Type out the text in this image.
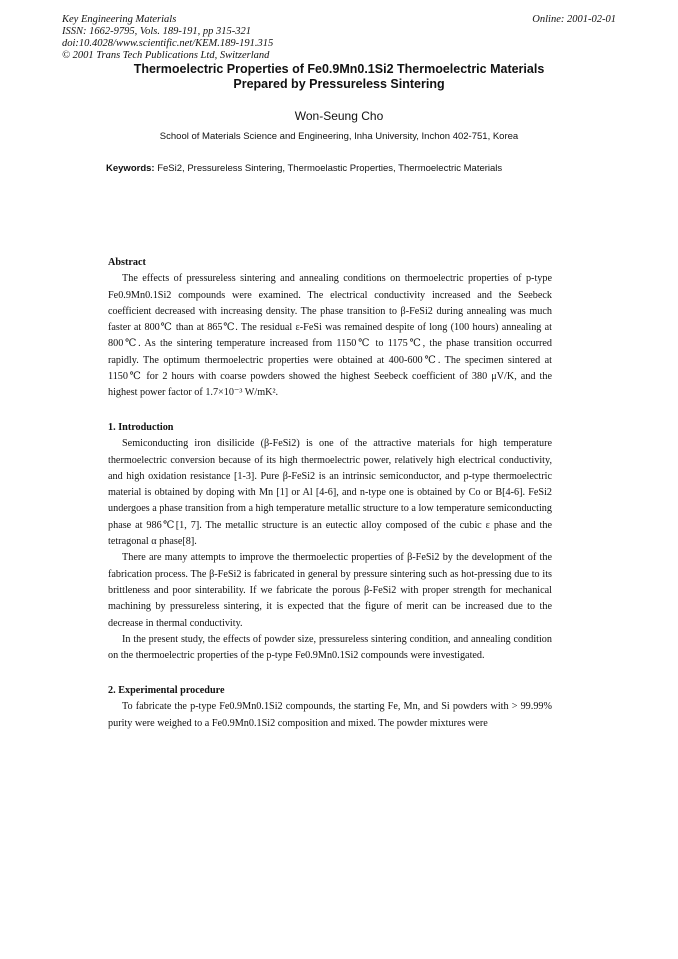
Key Engineering Materials
ISSN: 1662-9795, Vols. 189-191, pp 315-321
doi:10.4028/www.scientific.net/KEM.189-191.315
© 2001 Trans Tech Publications Ltd, Switzerland
Online: 2001-02-01
Thermoelectric Properties of Fe0.9Mn0.1Si2 Thermoelectric Materials
Prepared by Pressureless Sintering
Won-Seung Cho
School of Materials Science and Engineering, Inha University, Inchon 402-751, Korea
Keywords: FeSi2, Pressureless Sintering, Thermoelastic Properties, Thermoelectric Materials

Abstract

The effects of pressureless sintering and annealing conditions on thermoelectric properties of p-type Fe0.9Mn0.1Si2 compounds were examined. The electrical conductivity increased and the Seebeck coefficient decreased with increasing density. The phase transition to β-FeSi2 during annealing was much faster at 800℃ than at 865℃. The residual ε-FeSi was remained despite of long (100 hours) annealing at 800℃. As the sintering temperature increased from 1150℃ to 1175℃, the phase transition occurred rapidly. The optimum thermoelectric properties were obtained at 400-600℃. The specimen sintered at 1150℃ for 2 hours with coarse powders showed the highest Seebeck coefficient of 380 μV/K, and the highest power factor of 1.7×10⁻³ W/mK².

1. Introduction

Semiconducting iron disilicide (β-FeSi2) is one of the attractive materials for high temperature thermoelectric conversion because of its high thermoelectric power, relatively high electrical conductivity, and high oxidation resistance [1-3]. Pure β-FeSi2 is an intrinsic semiconductor, and p-type thermoelectric material is obtained by doping with Mn [1] or Al [4-6], and n-type one is obtained by Co or B[4-6]. FeSi2 undergoes a phase transition from a high temperature metallic structure to a low temperature semiconducting phase at 986℃[1, 7]. The metallic structure is an eutectic alloy composed of the cubic ε phase and the tetragonal α phase[8].

There are many attempts to improve the thermoelectic properties of β-FeSi2 by the development of the fabrication process. The β-FeSi2 is fabricated in general by pressure sintering such as hot-pressing due to its brittleness and poor sinterability. If we fabricate the porous β-FeSi2 with proper strength for mechanical machining by pressureless sintering, it is expected that the figure of merit can be increased due to the decrease in thermal conductivity.

In the present study, the effects of powder size, pressureless sintering condition, and annealing condition on the thermoelectric properties of the p-type Fe0.9Mn0.1Si2 compounds were investigated.

2. Experimental procedure

To fabricate the p-type Fe0.9Mn0.1Si2 compounds, the starting Fe, Mn, and Si powders with > 99.99% purity were weighed to a Fe0.9Mn0.1Si2 composition and mixed. The powder mixtures were
